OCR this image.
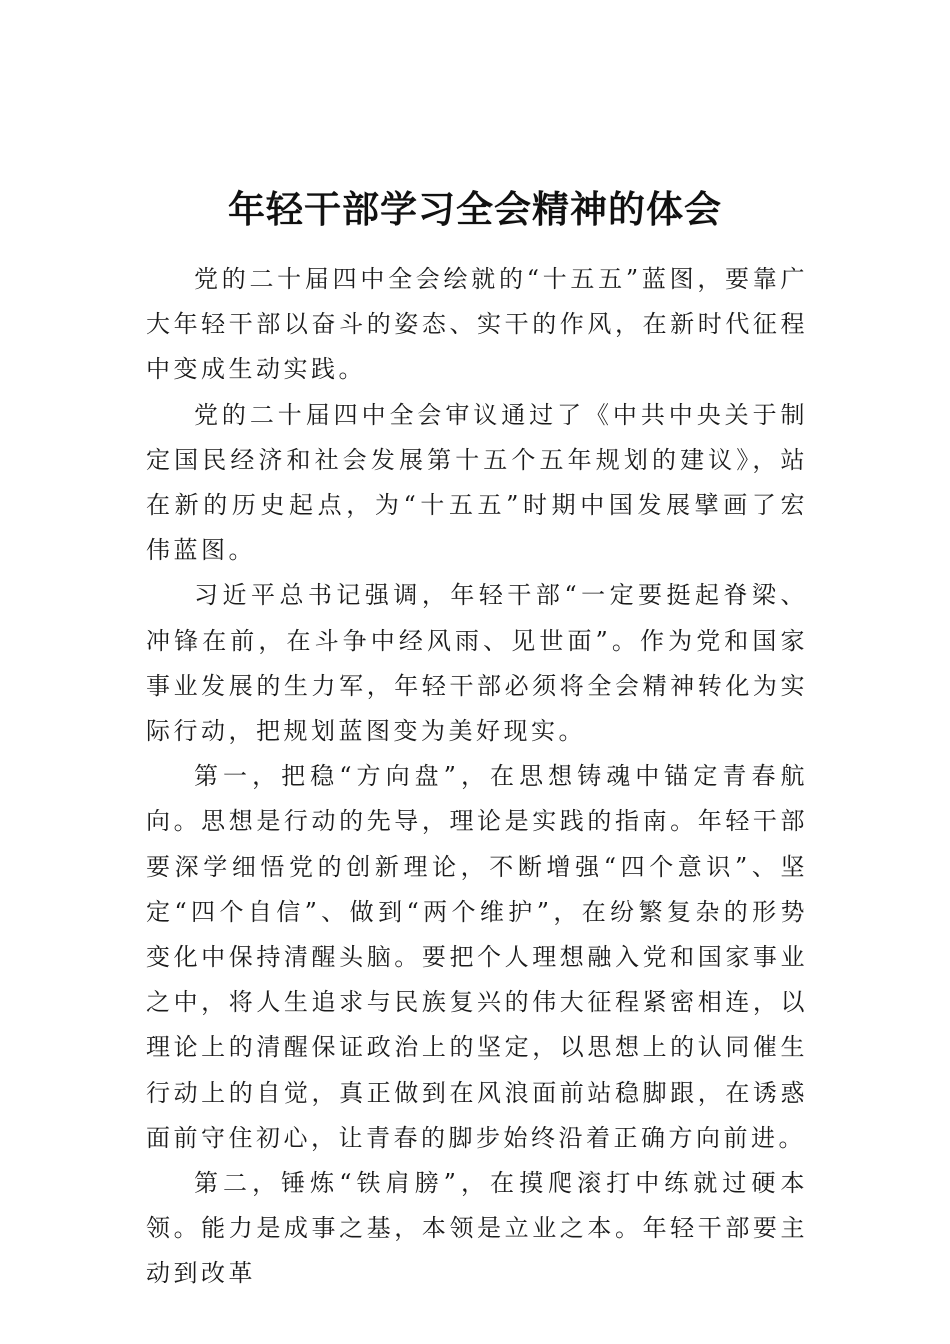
年轻干部学习全会精神的体会

党的二十届四中全会绘就的“十五五”蓝图，要靠广大年轻干部以奋斗的姿态、实干的作风，在新时代征程中变成生动实践。

党的二十届四中全会审议通过了《中共中央关于制定国民经济和社会发展第十五个五年规划的建议》，站在新的历史起点，为“十五五”时期中国发展擘画了宏伟蓝图。

习近平总书记强调，年轻干部“一定要挺起脊梁、冲锋在前，在斗争中经风雨、见世面”。作为党和国家事业发展的生力军，年轻干部必须将全会精神转化为实际行动，把规划蓝图变为美好现实。

第一，把稳“方向盘”，在思想铸魂中锚定青春航向。思想是行动的先导，理论是实践的指南。年轻干部要深学细悟党的创新理论，不断增强“四个意识”、坚定“四个自信”、做到“两个维护”，在纷繁复杂的形势变化中保持清醒头脑。要把个人理想融入党和国家事业之中，将人生追求与民族复兴的伟大征程紧密相连，以理论上的清醒保证政治上的坚定，以思想上的认同催生行动上的自觉，真正做到在风浪面前站稳脚跟，在诱惑面前守住初心，让青春的脚步始终沿着正确方向前进。

第二，锤炼“铁肩膀”，在摸爬滚打中练就过硬本领。能力是成事之基，本领是立业之本。年轻干部要主动到改革
